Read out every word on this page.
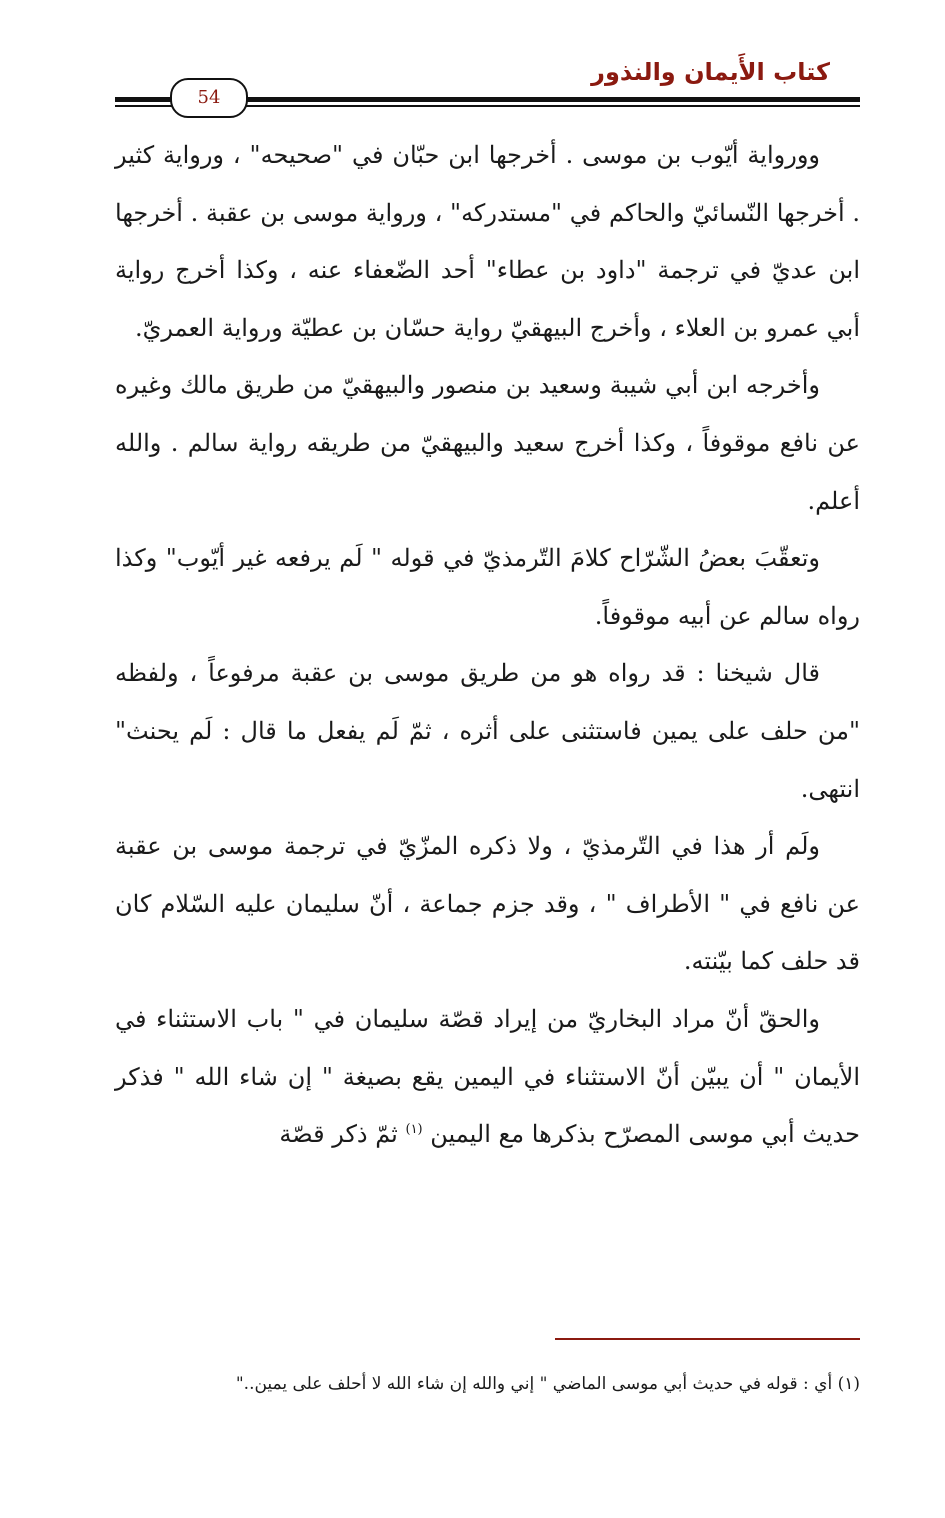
كتاب الأَيمان والنذور
54

وورواية أيّوب بن موسى . أخرجها ابن حبّان في "صحيحه" ، ورواية كثير . أخرجها النّسائيّ والحاكم في "مستدركه" ، ورواية موسى بن عقبة . أخرجها ابن عديّ في ترجمة "داود بن عطاء" أحد الضّعفاء عنه ، وكذا أخرج رواية أبي عمرو بن العلاء ، وأخرج البيهقيّ رواية حسّان بن عطيّة ورواية العمريّ.

وأخرجه ابن أبي شيبة وسعيد بن منصور والبيهقيّ من طريق مالك وغيره عن نافع موقوفاً ، وكذا أخرج سعيد والبيهقيّ من طريقه رواية سالم . والله أعلم.

وتعقّبَ بعضُ الشّرّاح كلامَ التّرمذيّ في قوله " لَم يرفعه غير أيّوب" وكذا رواه سالم عن أبيه موقوفاً.

قال شيخنا : قد رواه هو من طريق موسى بن عقبة مرفوعاً ، ولفظه "من حلف على يمين فاستثنى على أثره ، ثمّ لَم يفعل ما قال : لَم يحنث" انتهى.

ولَم أر هذا في التّرمذيّ ، ولا ذكره المزّيّ في ترجمة موسى بن عقبة عن نافع في " الأطراف " ، وقد جزم جماعة ، أنّ سليمان عليه السّلام كان قد حلف كما بيّنته.

والحقّ أنّ مراد البخاريّ من إيراد قصّة سليمان في " باب الاستثناء في الأيمان " أن يبيّن أنّ الاستثناء في اليمين يقع بصيغة " إن شاء الله " فذكر حديث أبي موسى المصرّح بذكرها مع اليمين $^{(١)}$ ثمّ ذكر قصّة

(١) أي : قوله في حديث أبي موسى الماضي " إني والله إن شاء الله لا أحلف على يمين.."
